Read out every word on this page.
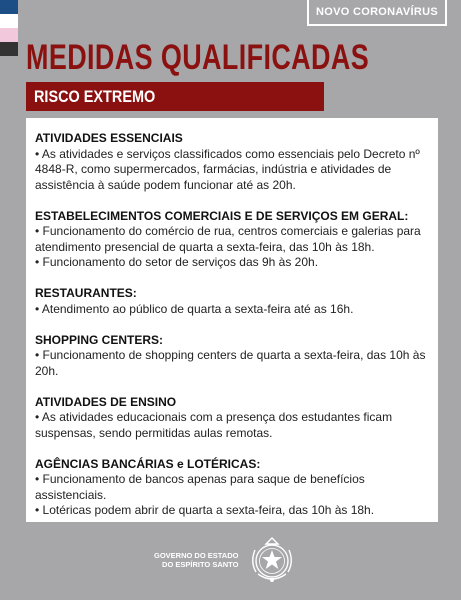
NOVO CORONAVÍRUS
MEDIDAS QUALIFICADAS
RISCO EXTREMO
ATIVIDADES ESSENCIAIS

• As atividades e serviços classificados como essenciais pelo Decreto nº 4848-R, como supermercados, farmácias, indústria e atividades de assistência à saúde podem funcionar até as 20h.

ESTABELECIMENTOS COMERCIAIS E DE SERVIÇOS EM GERAL:

• Funcionamento do comércio de rua, centros comerciais e galerias para atendimento presencial de quarta a sexta-feira, das 10h às 18h.

• Funcionamento do setor de serviços das 9h às 20h.

RESTAURANTES:

• Atendimento ao público de quarta a sexta-feira até as 16h.

SHOPPING CENTERS:

• Funcionamento de shopping centers de quarta a sexta-feira, das 10h às 20h.

ATIVIDADES DE ENSINO

• As atividades educacionais com a presença dos estudantes ficam suspensas, sendo permitidas aulas remotas.

AGÊNCIAS BANCÁRIAS e LOTÉRICAS:

• Funcionamento de bancos apenas para saque de benefícios assistenciais.

• Lotéricas podem abrir de quarta a sexta-feira, das 10h às 18h.

GOVERNO DO ESTADO
DO ESPÍRITO SANTO
